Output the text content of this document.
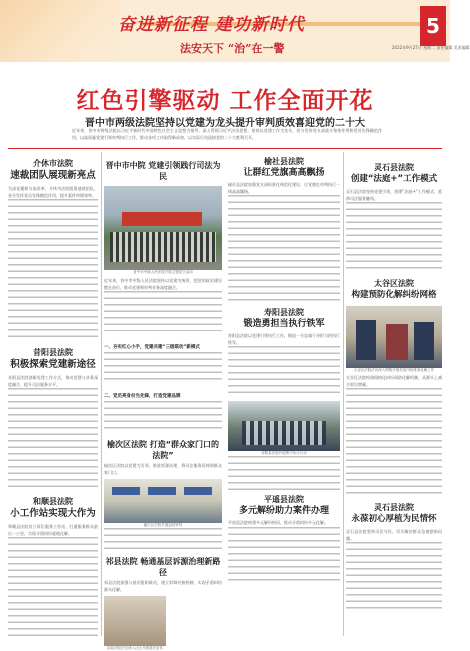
奋进新征程 建功新时代
法安天下 “治”在一警
5
2022年9月27日 星期二 责任编辑 美术编辑
红色引擎驱动 工作全面开花
晋中市两级法院坚持以党建为龙头提升审判质效喜迎党的二十大
近年来，晋中市两级法院以习近平新时代中国特色社会主义思想为指导，深入贯彻习近平法治思想，坚持以党建工作为龙头，充分发挥党支部战斗堡垒作用和党员先锋模范作用，以高质量党建引领审判执行工作，推动各项工作取得新成效，以实际行动迎接党的二十大胜利召开。
介休市法院
速裁团队展现新亮点
为深化繁简分流改革，介休市法院组建速裁团队，充分发挥党员先锋模范作用，提升案件审理效率。
昔阳县法院
积极探索党建新途径
昔阳县法院创新党建工作方式，推动党建与业务深度融合，提升司法服务水平。
和顺县法院
小工作站实现大作为
和顺县法院设立诉讼服务工作站，打通服务群众最后一公里，实现矛盾纠纷就地化解。
晋中市中院 党建引领践行司法为民
晋中市中级人民法院开展主题党日活动
近年来，晋中市中级人民法院坚持以党建为统领，把党的政治建设摆在首位，推动党建和审判业务深度融合。
一、夯实红心小手，党建共建“三级联动”新模式
二、党员亮身份当先锋，打造党建品牌
榆次区法院 打造“群众家门口的法院”
榆次区法院以党建为引领，推进诉源治理，将司法服务延伸到群众家门口。
榆次区法院开展巡回审判
祁县法院 畅通基层诉源治理新路径
祁县法院加强与基层组织联动，建立诉调对接机制，实现矛盾纠纷源头化解。
祁县法院法官深入社区开展普法宣传
榆社县法院
让群红党旗高高飘扬
榆社县法院加强党支部标准化规范化建设，让党旗在审判执行一线高高飘扬。
寿阳县法院
锻造勇担当执行铁军
寿阳县法院以党建引领执行工作，锻造一支忠诚干净担当的执行铁军。
寿阳县法院开展集中执行行动
平遥县法院
多元解纷助力案件办理
平遥县法院构建多元解纷格局，推动矛盾纠纷多元化解。
灵石县法院
创建“法庭+”工作模式
灵石县法院坚持党建引领，创建“法庭+”工作模式，延伸司法服务触角。
太谷区法院
构建预防化解纠纷网格
太谷区法院法官深入网格开展矛盾纠纷排查化解工作
太谷区法院构建网格化纠纷预防化解机制，从源头上减少诉讼增量。
灵石县法院
永葆初心厚植为民情怀
灵石县法院坚持司法为民，切实解决群众急难愁盼问题。
